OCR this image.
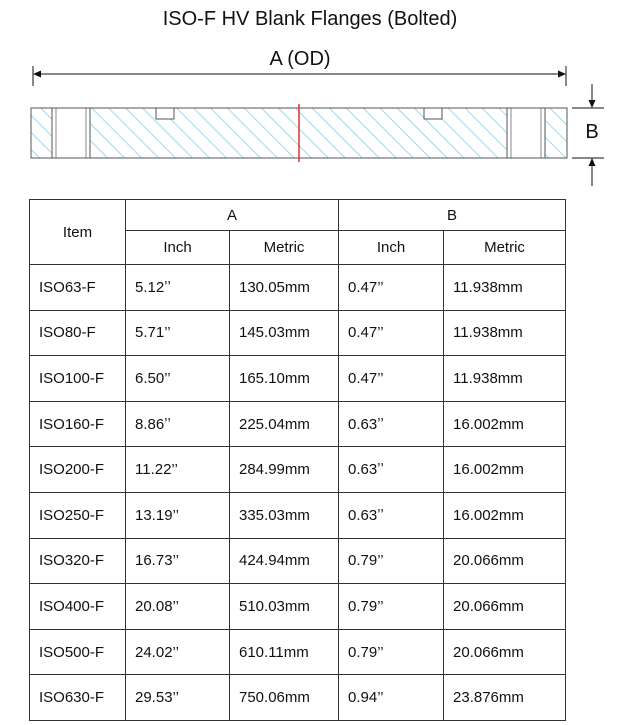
ISO-F HV Blank Flanges (Bolted)
A (OD)
B
Item	A		B	
	Inch	Metric	Inch	Metric
ISO63-F	5.12ʼʼ	130.05mm	0.47’’	11.938mm
ISO80-F	5.71’’	145.03mm	0.47’’	11.938mm
ISO100-F	6.50’’	165.10mm	0.47’’	11.938mm
ISO160-F	8.86ʼʼ	225.04mm	0.63ʼʼ	16.002mm
ISO200-F	11.22’’	284.99mm	0.63ʼʼ	16.002mm
ISO250-F	13.19’’	335.03mm	0.63ʼʼ	16.002mm
ISO320-F	16.73’’	424.94mm	0.79’’	20.066mm
ISO400-F	20.08’’	510.03mm	0.79’’	20.066mm
ISO500-F	24.02’’	610.11mm	0.79’’	20.066mm
ISO630-F	29.53’’	750.06mm	0.94’’	23.876mm
